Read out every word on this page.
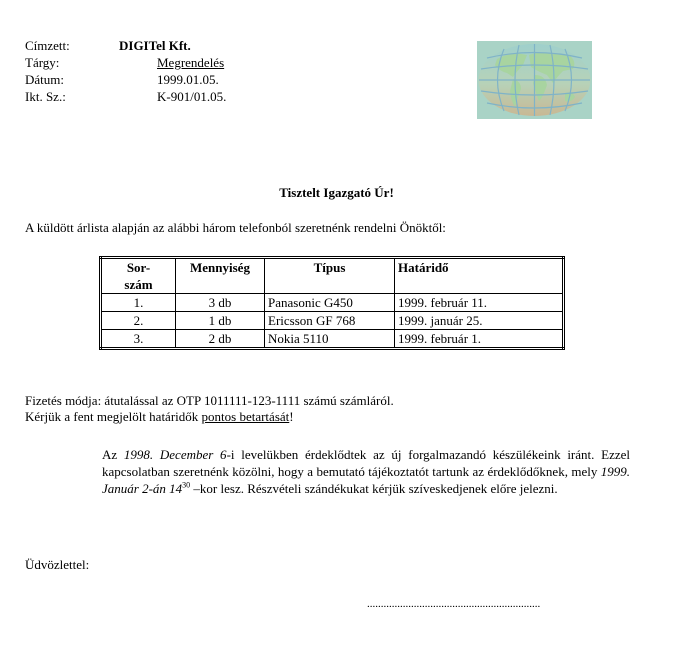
Címzett:	DIGITel Kft.
Tárgy:	Megrendelés
Dátum:	1999.01.05.
Ikt. Sz.:	K-901/01.05.
Tisztelt Igazgató Úr!
A küldött árlista alapján az alábbi három telefonból szeretnénk rendelni Önöktől:
Sor-
szám	Mennyiség	Típus	Határidő
1.	3 db	Panasonic G450	1999. február 11.
2.	1 db	Ericsson GF 768	1999. január 25.
3.	2 db	Nokia 5110	1999. február 1.
Fizetés módja: átutalással az OTP 1011111-123-1111 számú számláról.
Kérjük a fent megjelölt határidők pontos betartását!
Az 1998. December 6-i levelükben érdeklődtek az új forgalmazandó készülékeink iránt. Ezzel kapcsolatban szeretnénk közölni, hogy a bemutató tájékoztatót tartunk az érdeklődőknek, mely 1999. Január 2-án $14^{30}$ –kor lesz. Részvételi szándékukat kérjük szíveskedjenek előre jelezni.
Üdvözlettel:
...............................................................
